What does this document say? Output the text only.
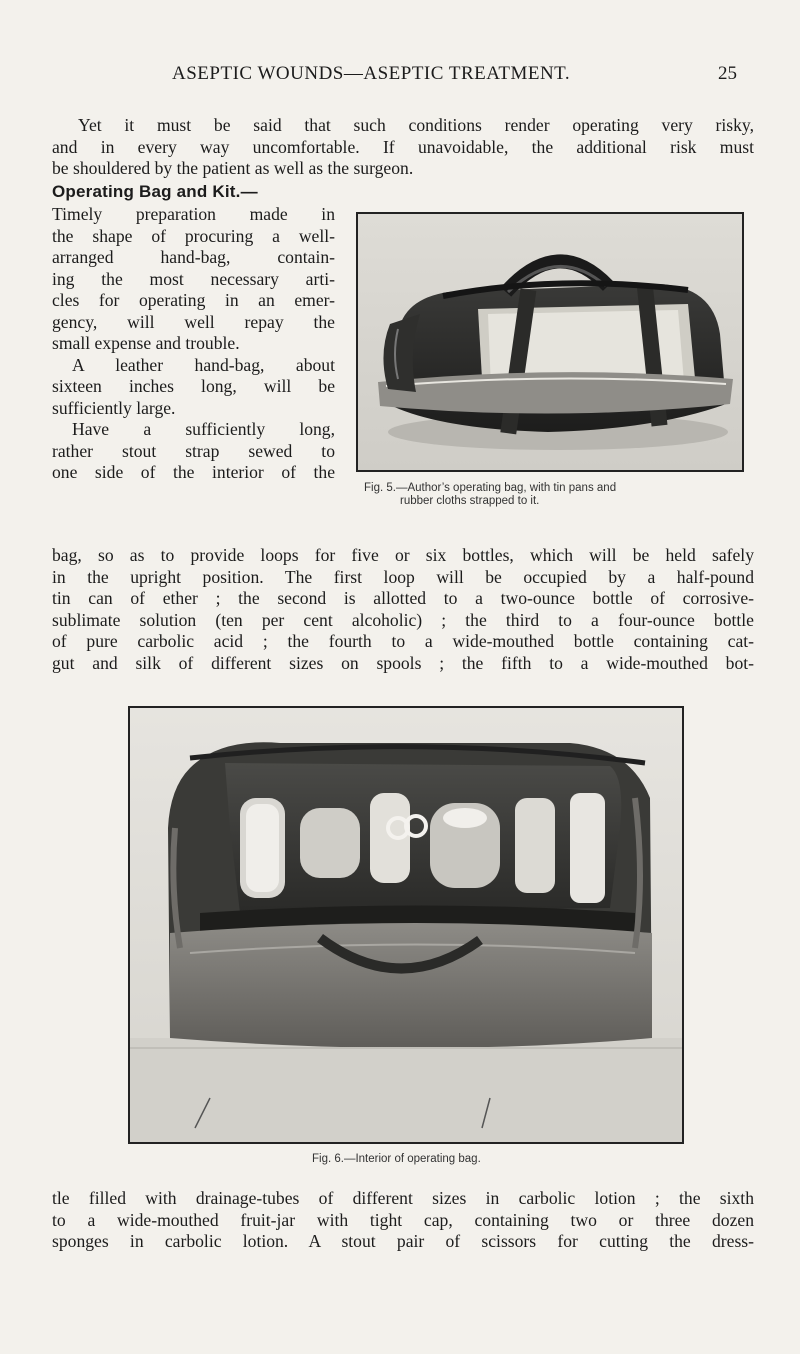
ASEPTIC WOUNDS—ASEPTIC TREATMENT.	25
Yet it must be said that such conditions render operating very risky,
and in every way uncomfortable. If unavoidable, the additional risk must
be shouldered by the patient as well as the surgeon.
Operating Bag and Kit.—
Timely preparation made in
the shape of procuring a well-
arranged hand-bag, contain-
ing the most necessary arti-
cles for operating in an emer-
gency, will well repay the
small expense and trouble.
A leather hand-bag, about
sixteen inches long, will be
sufficiently large.
Have a sufficiently long,
rather stout strap sewed to
one side of the interior of the
Fig. 5.—Author’s operating bag, with tin pans and
rubber cloths strapped to it.
bag, so as to provide loops for five or six bottles, which will be held safely
in the upright position. The first loop will be occupied by a half-pound
tin can of ether ; the second is allotted to a two-ounce bottle of corrosive-
sublimate solution (ten per cent alcoholic) ; the third to a four-ounce bottle
of pure carbolic acid ; the fourth to a wide-mouthed bottle containing cat-
gut and silk of different sizes on spools ; the fifth to a wide-mouthed bot-
Fig. 6.—Interior of operating bag.
tle filled with drainage-tubes of different sizes in carbolic lotion ; the sixth
to a wide-mouthed fruit-jar with tight cap, containing two or three dozen
sponges in carbolic lotion. A stout pair of scissors for cutting the dress-
